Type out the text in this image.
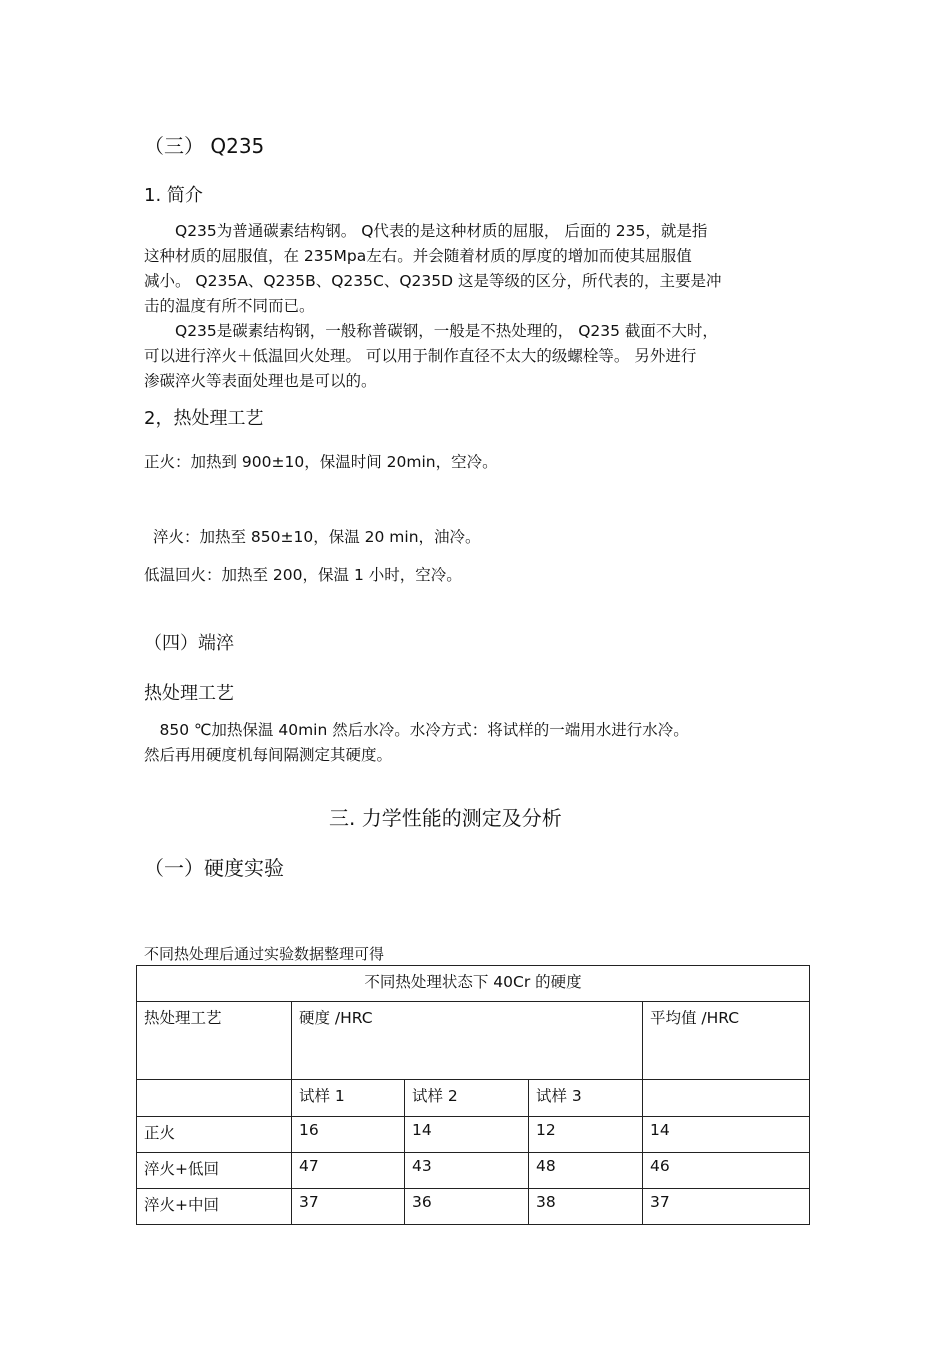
（三） Q235
1. 简介
　　Q235为普通碳素结构钢。 Q代表的是这种材质的屈服， 后面的 235，就是指
这种材质的屈服值，在 235Mpa左右。并会随着材质的厚度的增加而使其屈服值
减小。 Q235A、Q235B、Q235C、Q235D 这是等级的区分，所代表的，主要是冲
击的温度有所不同而已。
　　Q235是碳素结构钢，一般称普碳钢，一般是不热处理的， Q235 截面不大时，
可以进行淬火＋低温回火处理。 可以用于制作直径不太大的级螺栓等。 另外进行
渗碳淬火等表面处理也是可以的。
2，热处理工艺
正火：加热到 900±10，保温时间 20min，空冷。
淬火：加热至 850±10，保温 20 min，油冷。
低温回火：加热至 200，保温 1 小时，空冷。
（四）端淬
热处理工艺
　850 ℃加热保温 40min 然后水冷。水冷方式：将试样的一端用水进行水冷。
然后再用硬度机每间隔测定其硬度。
三. 力学性能的测定及分析
（一）硬度实验
不同热处理后通过实验数据整理可得
不同热处理状态下 40Cr 的硬度				
热处理工艺	硬度 /HRC			平均值 /HRC
	试样 1	试样 2	试样 3	
正火	16	14	12	14
淬火+低回	47	43	48	46
淬火+中回	37	36	38	37
